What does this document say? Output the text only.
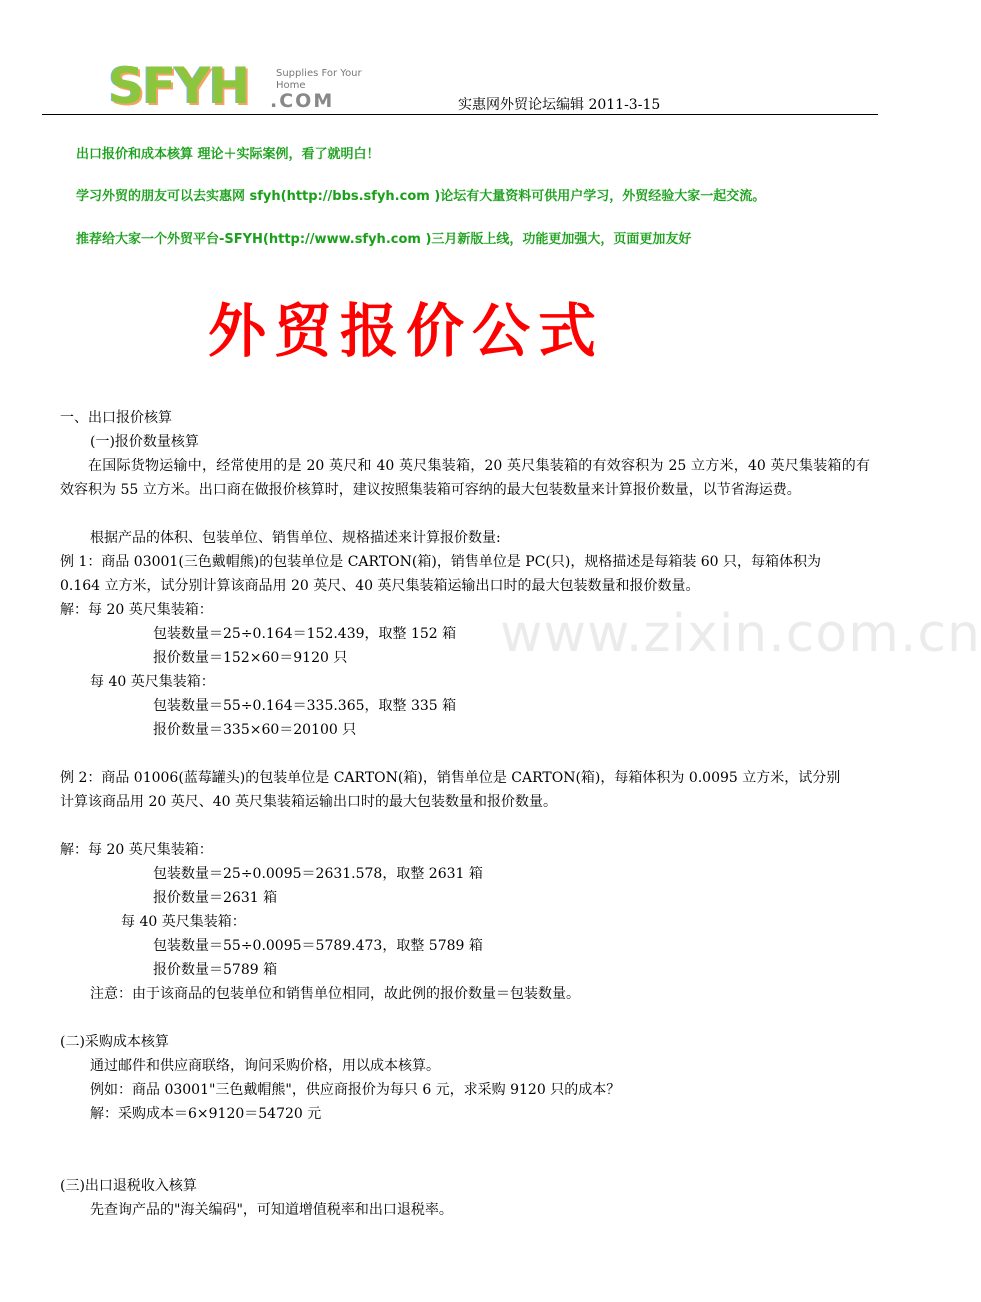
SFYH	Supplies For Your Home
.COM	实惠网外贸论坛编辑 2011-3-15
出口报价和成本核算 理论＋实际案例，看了就明白！
学习外贸的朋友可以去实惠网 sfyh(http://bbs.sfyh.com )论坛有大量资料可供用户学习，外贸经验大家一起交流。
推荐给大家一个外贸平台-SFYH(http://www.sfyh.com )三月新版上线，功能更加强大，页面更加友好
外贸报价公式
www.zixin.com.cn
一、出口报价核算
(一)报价数量核算
在国际货物运输中，经常使用的是 20 英尺和 40 英尺集装箱，20 英尺集装箱的有效容积为 25 立方米，40 英尺集装箱的有效容积为 55 立方米。出口商在做报价核算时，建议按照集装箱可容纳的最大包装数量来计算报价数量，以节省海运费。
根据产品的体积、包装单位、销售单位、规格描述来计算报价数量:
例 1：商品 03001(三色戴帽熊)的包装单位是 CARTON(箱)，销售单位是 PC(只)，规格描述是每箱装 60 只，每箱体积为
0.164 立方米，试分别计算该商品用 20 英尺、40 英尺集装箱运输出口时的最大包装数量和报价数量。
解：每 20 英尺集装箱：
包装数量＝25÷0.164＝152.439，取整 152 箱
报价数量＝152×60＝9120 只
每 40 英尺集装箱：
包装数量＝55÷0.164＝335.365，取整 335 箱
报价数量＝335×60＝20100 只
例 2：商品 01006(蓝莓罐头)的包装单位是 CARTON(箱)，销售单位是 CARTON(箱)，每箱体积为 0.0095 立方米，试分别
计算该商品用 20 英尺、40 英尺集装箱运输出口时的最大包装数量和报价数量。
解：每 20 英尺集装箱：
包装数量＝25÷0.0095＝2631.578，取整 2631 箱
报价数量＝2631 箱
每 40 英尺集装箱：
包装数量＝55÷0.0095＝5789.473，取整 5789 箱
报价数量＝5789 箱
注意：由于该商品的包装单位和销售单位相同，故此例的报价数量＝包装数量。
(二)采购成本核算
通过邮件和供应商联络，询问采购价格，用以成本核算。
例如：商品 03001"三色戴帽熊"，供应商报价为每只 6 元，求采购 9120 只的成本？
解：采购成本＝6×9120＝54720 元
(三)出口退税收入核算
先查询产品的"海关编码"，可知道增值税率和出口退税率。
